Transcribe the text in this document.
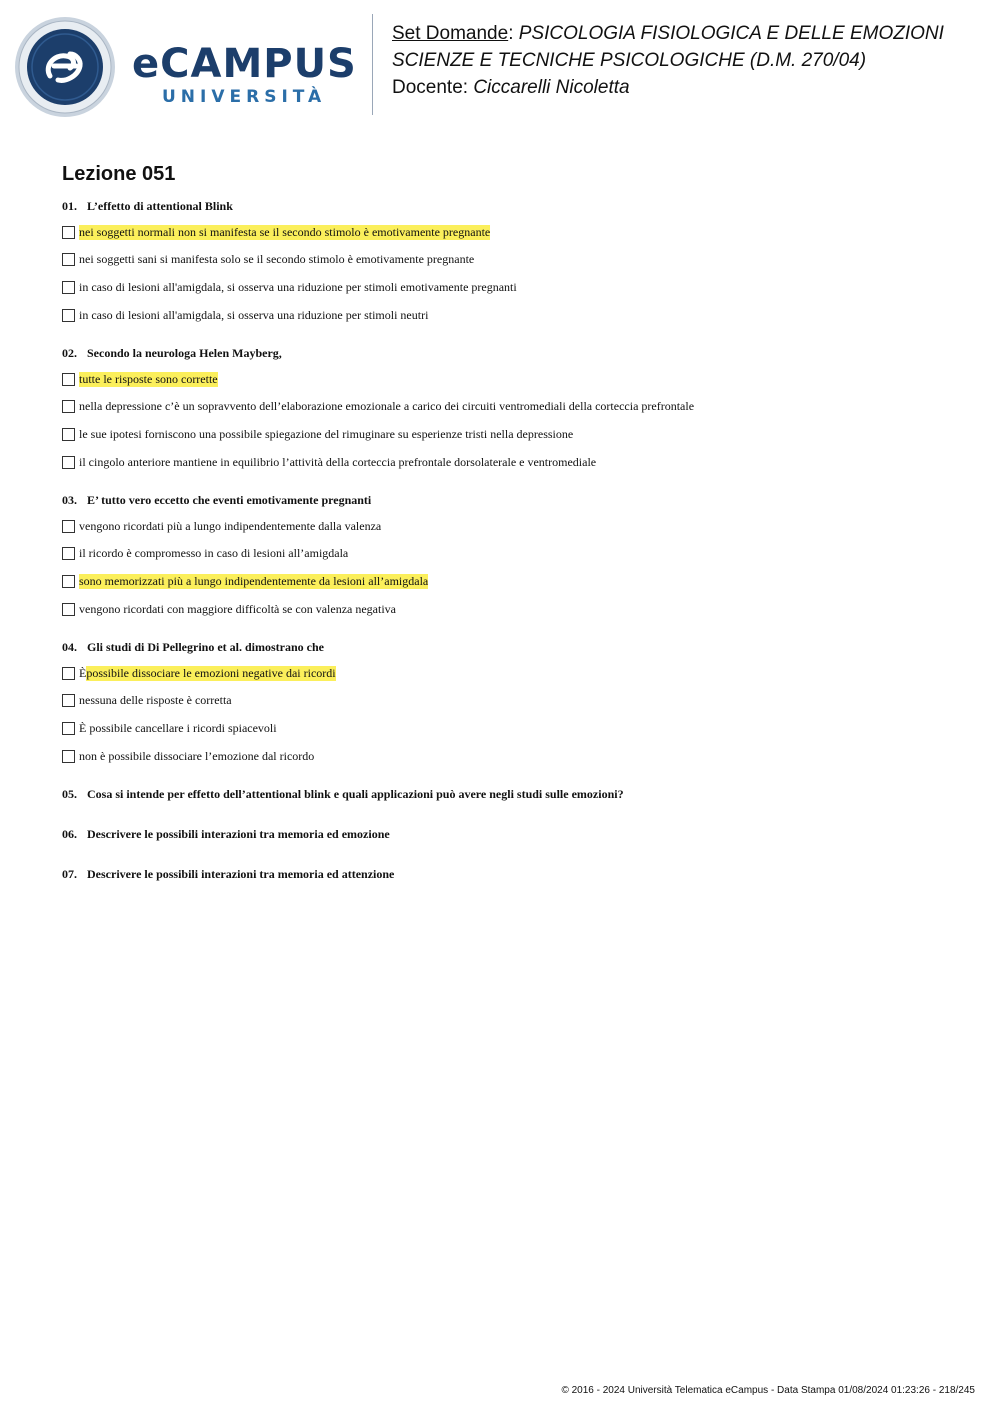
eCAMPUS
UNIVERSITÀ
Set Domande: PSICOLOGIA FISIOLOGICA E DELLE EMOZIONI
SCIENZE E TECNICHE PSICOLOGICHE (D.M. 270/04)
Docente: Ciccarelli Nicoletta
Lezione 051
01. L’effetto di attentional Blink
nei soggetti normali non si manifesta se il secondo stimolo è emotivamente pregnante
nei soggetti sani si manifesta solo se il secondo stimolo è emotivamente pregnante
in caso di lesioni all'amigdala, si osserva una riduzione per stimoli emotivamente pregnanti
in caso di lesioni all'amigdala, si osserva una riduzione per stimoli neutri
02. Secondo la neurologa Helen Mayberg,
tutte le risposte sono corrette
nella depressione c’è un sopravvento dell’elaborazione emozionale a carico dei circuiti ventromediali della corteccia prefrontale
le sue ipotesi forniscono una possibile spiegazione del rimuginare su esperienze tristi nella depressione
il cingolo anteriore mantiene in equilibrio l’attività della corteccia prefrontale dorsolaterale e ventromediale
03. E’ tutto vero eccetto che eventi emotivamente pregnanti
vengono ricordati più a lungo indipendentemente dalla valenza
il ricordo è compromesso in caso di lesioni all’amigdala
sono memorizzati più a lungo indipendentemente da lesioni all’amigdala
vengono ricordati con maggiore difficoltà se con valenza negativa
04. Gli studi di Di Pellegrino et al. dimostrano che
È possibile dissociare le emozioni negative dai ricordi
nessuna delle risposte è corretta
È possibile cancellare i ricordi spiacevoli
non è possibile dissociare l’emozione dal ricordo
05. Cosa si intende per effetto dell’attentional blink e quali applicazioni può avere negli studi sulle emozioni?
06. Descrivere le possibili interazioni tra memoria ed emozione
07. Descrivere le possibili interazioni tra memoria ed attenzione
© 2016 - 2024 Università Telematica eCampus - Data Stampa 01/08/2024 01:23:26 - 218/245
